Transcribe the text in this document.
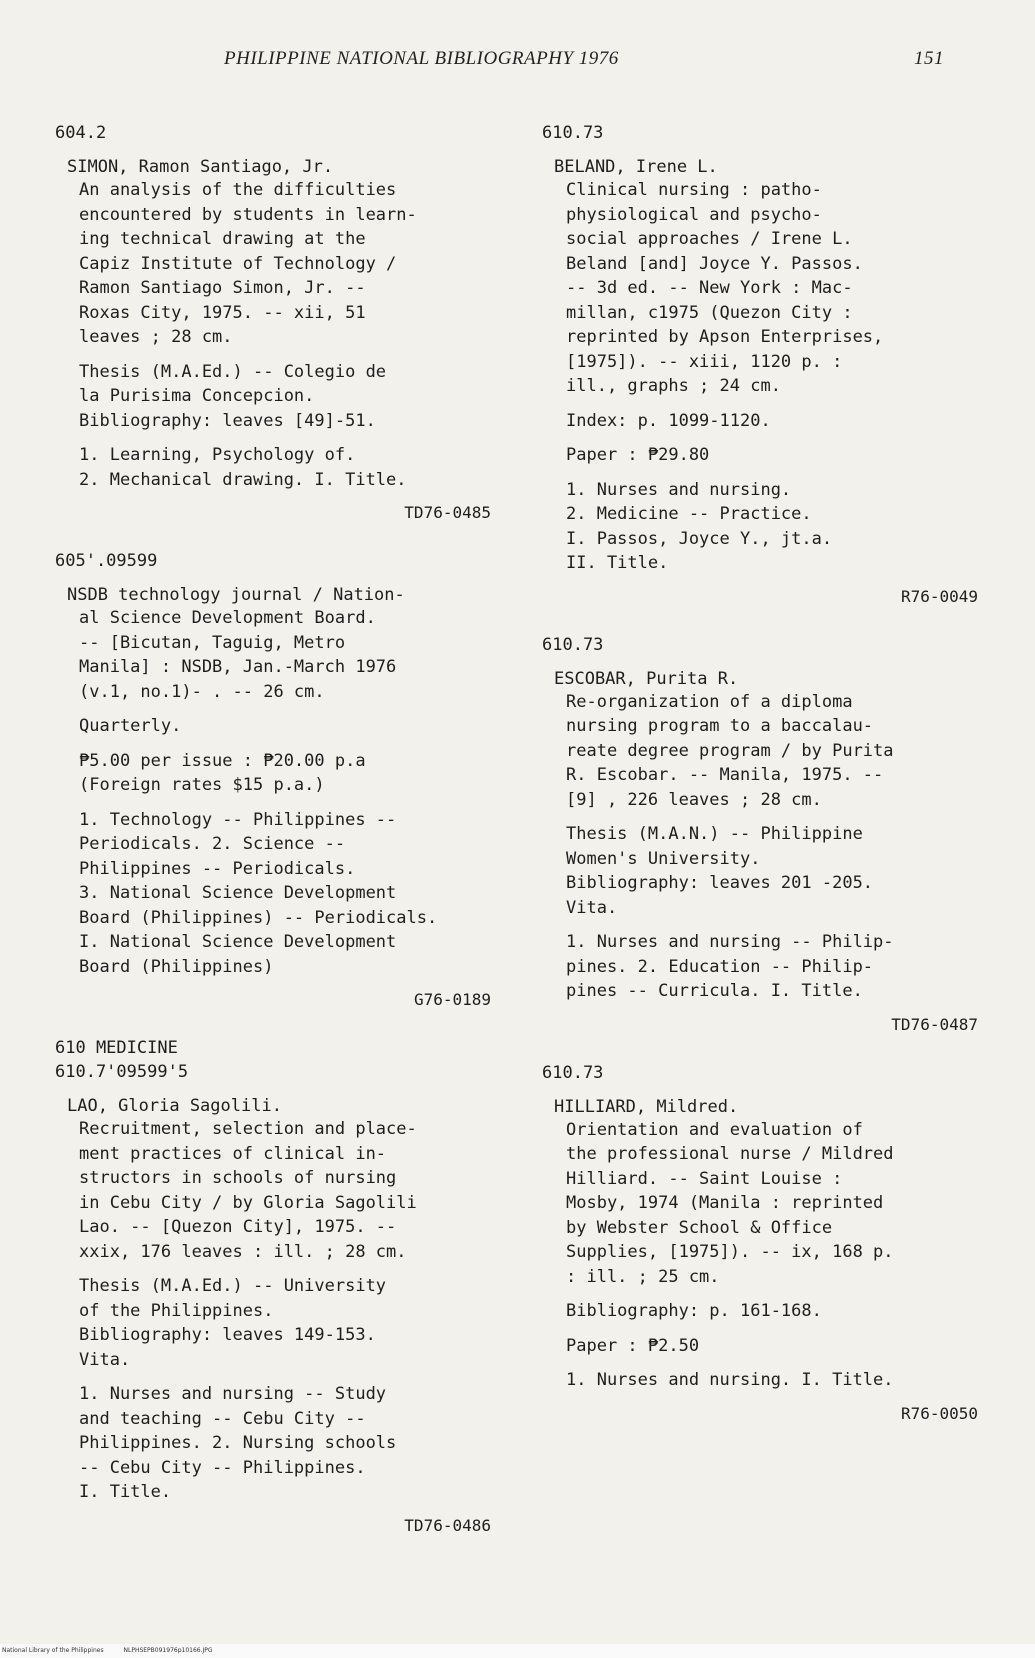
PHILIPPINE NATIONAL BIBLIOGRAPHY 1976	151
604.2
SIMON, Ramon Santiago, Jr.

An analysis of the difficulties
encountered by students in learn-
ing technical drawing at the
Capiz Institute of Technology /
Ramon Santiago Simon, Jr. --
Roxas City, 1975. -- xii, 51
leaves ; 28 cm.

Thesis (M.A.Ed.) -- Colegio de
la Purisima Concepcion.
Bibliography: leaves [49]-51.

1. Learning, Psychology of.
2. Mechanical drawing. I. Title.

TD76-0485
605'.09599
NSDB technology journal / Nation-

al Science Development Board.
-- [Bicutan, Taguig, Metro
Manila] : NSDB, Jan.-March 1976
(v.1, no.1)- . -- 26 cm.

Quarterly.

₱5.00 per issue : ₱20.00 p.a
(Foreign rates $15 p.a.)

1. Technology -- Philippines --
Periodicals. 2. Science --
Philippines -- Periodicals.
3. National Science Development
Board (Philippines) -- Periodicals.
I. National Science Development
Board (Philippines)

G76-0189
610 MEDICINE
610.7'09599'5
LAO, Gloria Sagolili.

Recruitment, selection and place-
ment practices of clinical in-
structors in schools of nursing
in Cebu City / by Gloria Sagolili
Lao. -- [Quezon City], 1975. --
xxix, 176 leaves : ill. ; 28 cm.

Thesis (M.A.Ed.) -- University
of the Philippines.
Bibliography: leaves 149-153.
Vita.

1. Nurses and nursing -- Study
and teaching -- Cebu City --
Philippines. 2. Nursing schools
-- Cebu City -- Philippines.
I. Title.

TD76-0486
610.73
BELAND, Irene L.

Clinical nursing : patho-
physiological and psycho-
social approaches / Irene L.
Beland [and] Joyce Y. Passos.
-- 3d ed. -- New York : Mac-
millan, c1975 (Quezon City :
reprinted by Apson Enterprises,
[1975]). -- xiii, 1120 p. :
ill., graphs ; 24 cm.

Index: p. 1099-1120.

Paper : ₱29.80

1. Nurses and nursing.
2. Medicine -- Practice.
I. Passos, Joyce Y., jt.a.
II. Title.

R76-0049
610.73
ESCOBAR, Purita R.

Re-organization of a diploma
nursing program to a baccalau-
reate degree program / by Purita
R. Escobar. -- Manila, 1975. --
[9] , 226 leaves ; 28 cm.

Thesis (M.A.N.) -- Philippine
Women's University.
Bibliography: leaves 201 -205.
Vita.

1. Nurses and nursing -- Philip-
pines. 2. Education -- Philip-
pines -- Curricula. I. Title.

TD76-0487
610.73
HILLIARD, Mildred.

Orientation and evaluation of
the professional nurse / Mildred
Hilliard. -- Saint Louise :
Mosby, 1974 (Manila : reprinted
by Webster School & Office
Supplies, [1975]). -- ix, 168 p.
: ill. ; 25 cm.

Bibliography: p. 161-168.

Paper : ₱2.50

1. Nurses and nursing. I. Title.

R76-0050
National Library of the Philippines	NLPHSEPB091976p10166.JPG
